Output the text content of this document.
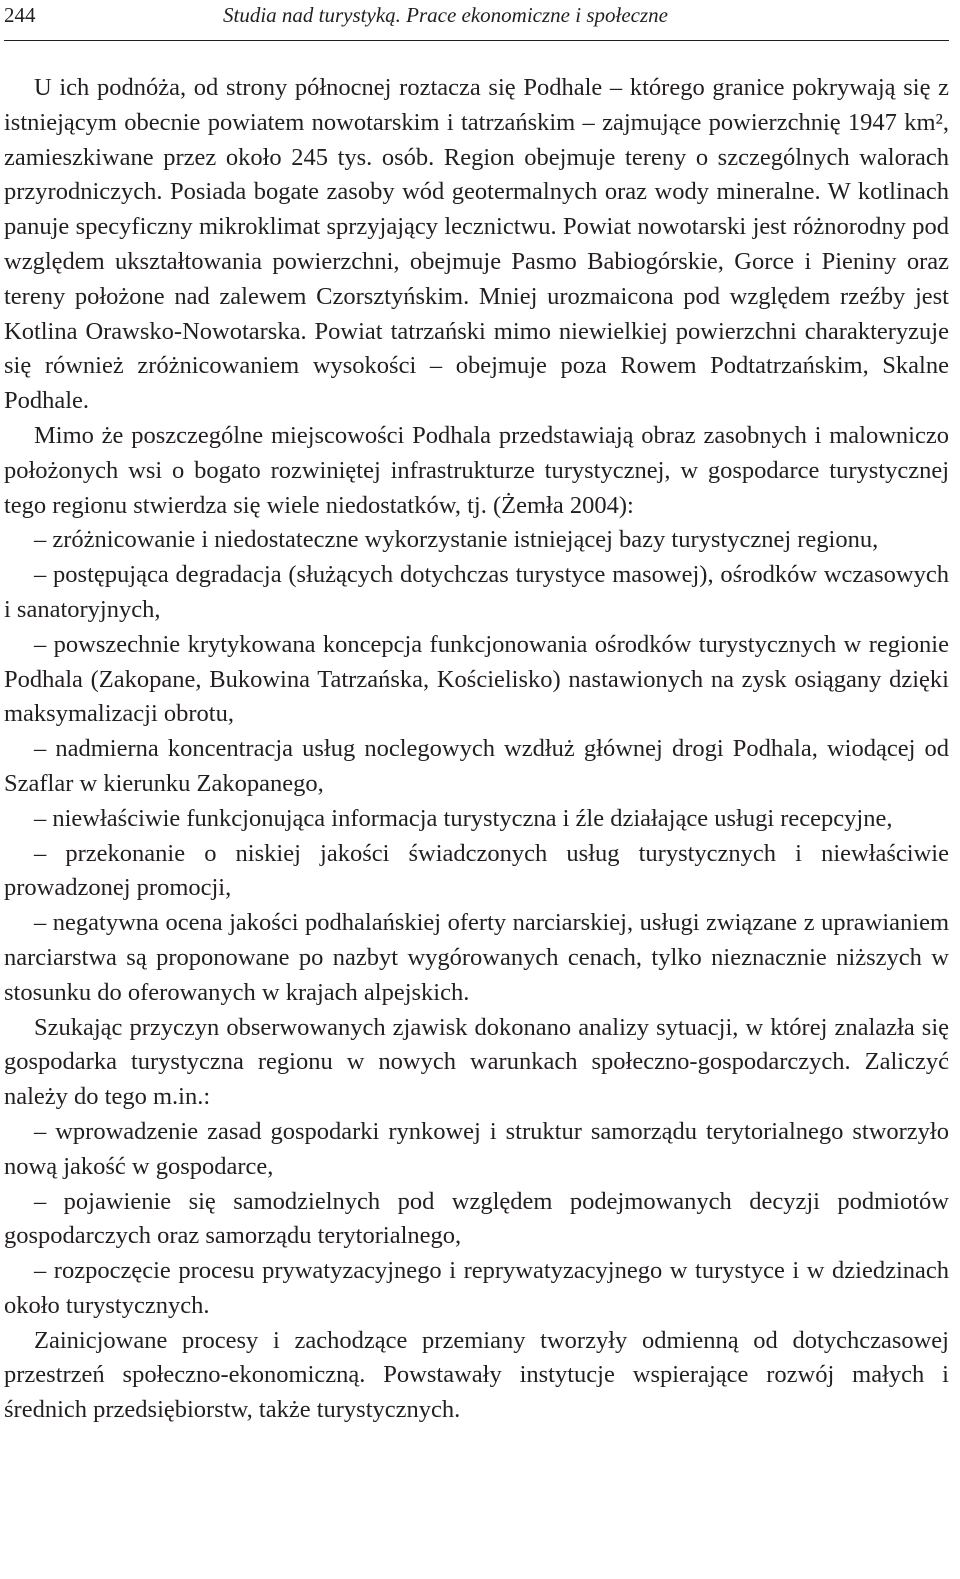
244	Studia nad turystyką. Prace ekonomiczne i społeczne

U ich podnóża, od strony północnej roztacza się Podhale – którego granice pokrywają się z istniejącym obecnie powiatem nowotarskim i tatrzańskim – zajmujące powierzchnię 1947 km², zamieszkiwane przez około 245 tys. osób. Region obejmuje tereny o szczególnych walorach przyrodniczych. Posiada bogate zasoby wód geotermalnych oraz wody mineralne. W kotlinach panuje specyficzny mikroklimat sprzyjający lecznictwu. Powiat nowotarski jest różnorodny pod względem ukształtowania powierzchni, obejmuje Pasmo Babiogórskie, Gorce i Pieniny oraz tereny położone nad zalewem Czorsztyńskim. Mniej urozmaicona pod względem rzeźby jest Kotlina Orawsko-Nowotarska. Powiat tatrzański mimo niewielkiej powierzchni charakteryzuje się również zróżnicowaniem wysokości – obejmuje poza Rowem Podtatrzańskim, Skalne Podhale.

Mimo że poszczególne miejscowości Podhala przedstawiają obraz zasobnych i malowniczo położonych wsi o bogato rozwiniętej infrastrukturze turystycznej, w gospodarce turystycznej tego regionu stwierdza się wiele niedostatków, tj. (Żemła 2004):

– zróżnicowanie i niedostateczne wykorzystanie istniejącej bazy turystycznej regionu,

– postępująca degradacja (służących dotychczas turystyce masowej), ośrodków wczasowych i sanatoryjnych,

– powszechnie krytykowana koncepcja funkcjonowania ośrodków turystycznych w regionie Podhala (Zakopane, Bukowina Tatrzańska, Kościelisko) nastawionych na zysk osiągany dzięki maksymalizacji obrotu,

– nadmierna koncentracja usług noclegowych wzdłuż głównej drogi Podhala, wiodącej od Szaflar w kierunku Zakopanego,

– niewłaściwie funkcjonująca informacja turystyczna i źle działające usługi recepcyjne,

– przekonanie o niskiej jakości świadczonych usług turystycznych i niewłaściwie prowadzonej promocji,

– negatywna ocena jakości podhalańskiej oferty narciarskiej, usługi związane z uprawianiem narciarstwa są proponowane po nazbyt wygórowanych cenach, tylko nieznacznie niższych w stosunku do oferowanych w krajach alpejskich.

Szukając przyczyn obserwowanych zjawisk dokonano analizy sytuacji, w której znalazła się gospodarka turystyczna regionu w nowych warunkach społeczno-gospodarczych. Zaliczyć należy do tego m.in.:

– wprowadzenie zasad gospodarki rynkowej i struktur samorządu terytorialnego stworzyło nową jakość w gospodarce,

– pojawienie się samodzielnych pod względem podejmowanych decyzji podmiotów gospodarczych oraz samorządu terytorialnego,

– rozpoczęcie procesu prywatyzacyjnego i reprywatyzacyjnego w turystyce i w dziedzinach około turystycznych.

Zainicjowane procesy i zachodzące przemiany tworzyły odmienną od dotychczasowej przestrzeń społeczno-ekonomiczną. Powstawały instytucje wspierające rozwój małych i średnich przedsiębiorstw, także turystycznych.
